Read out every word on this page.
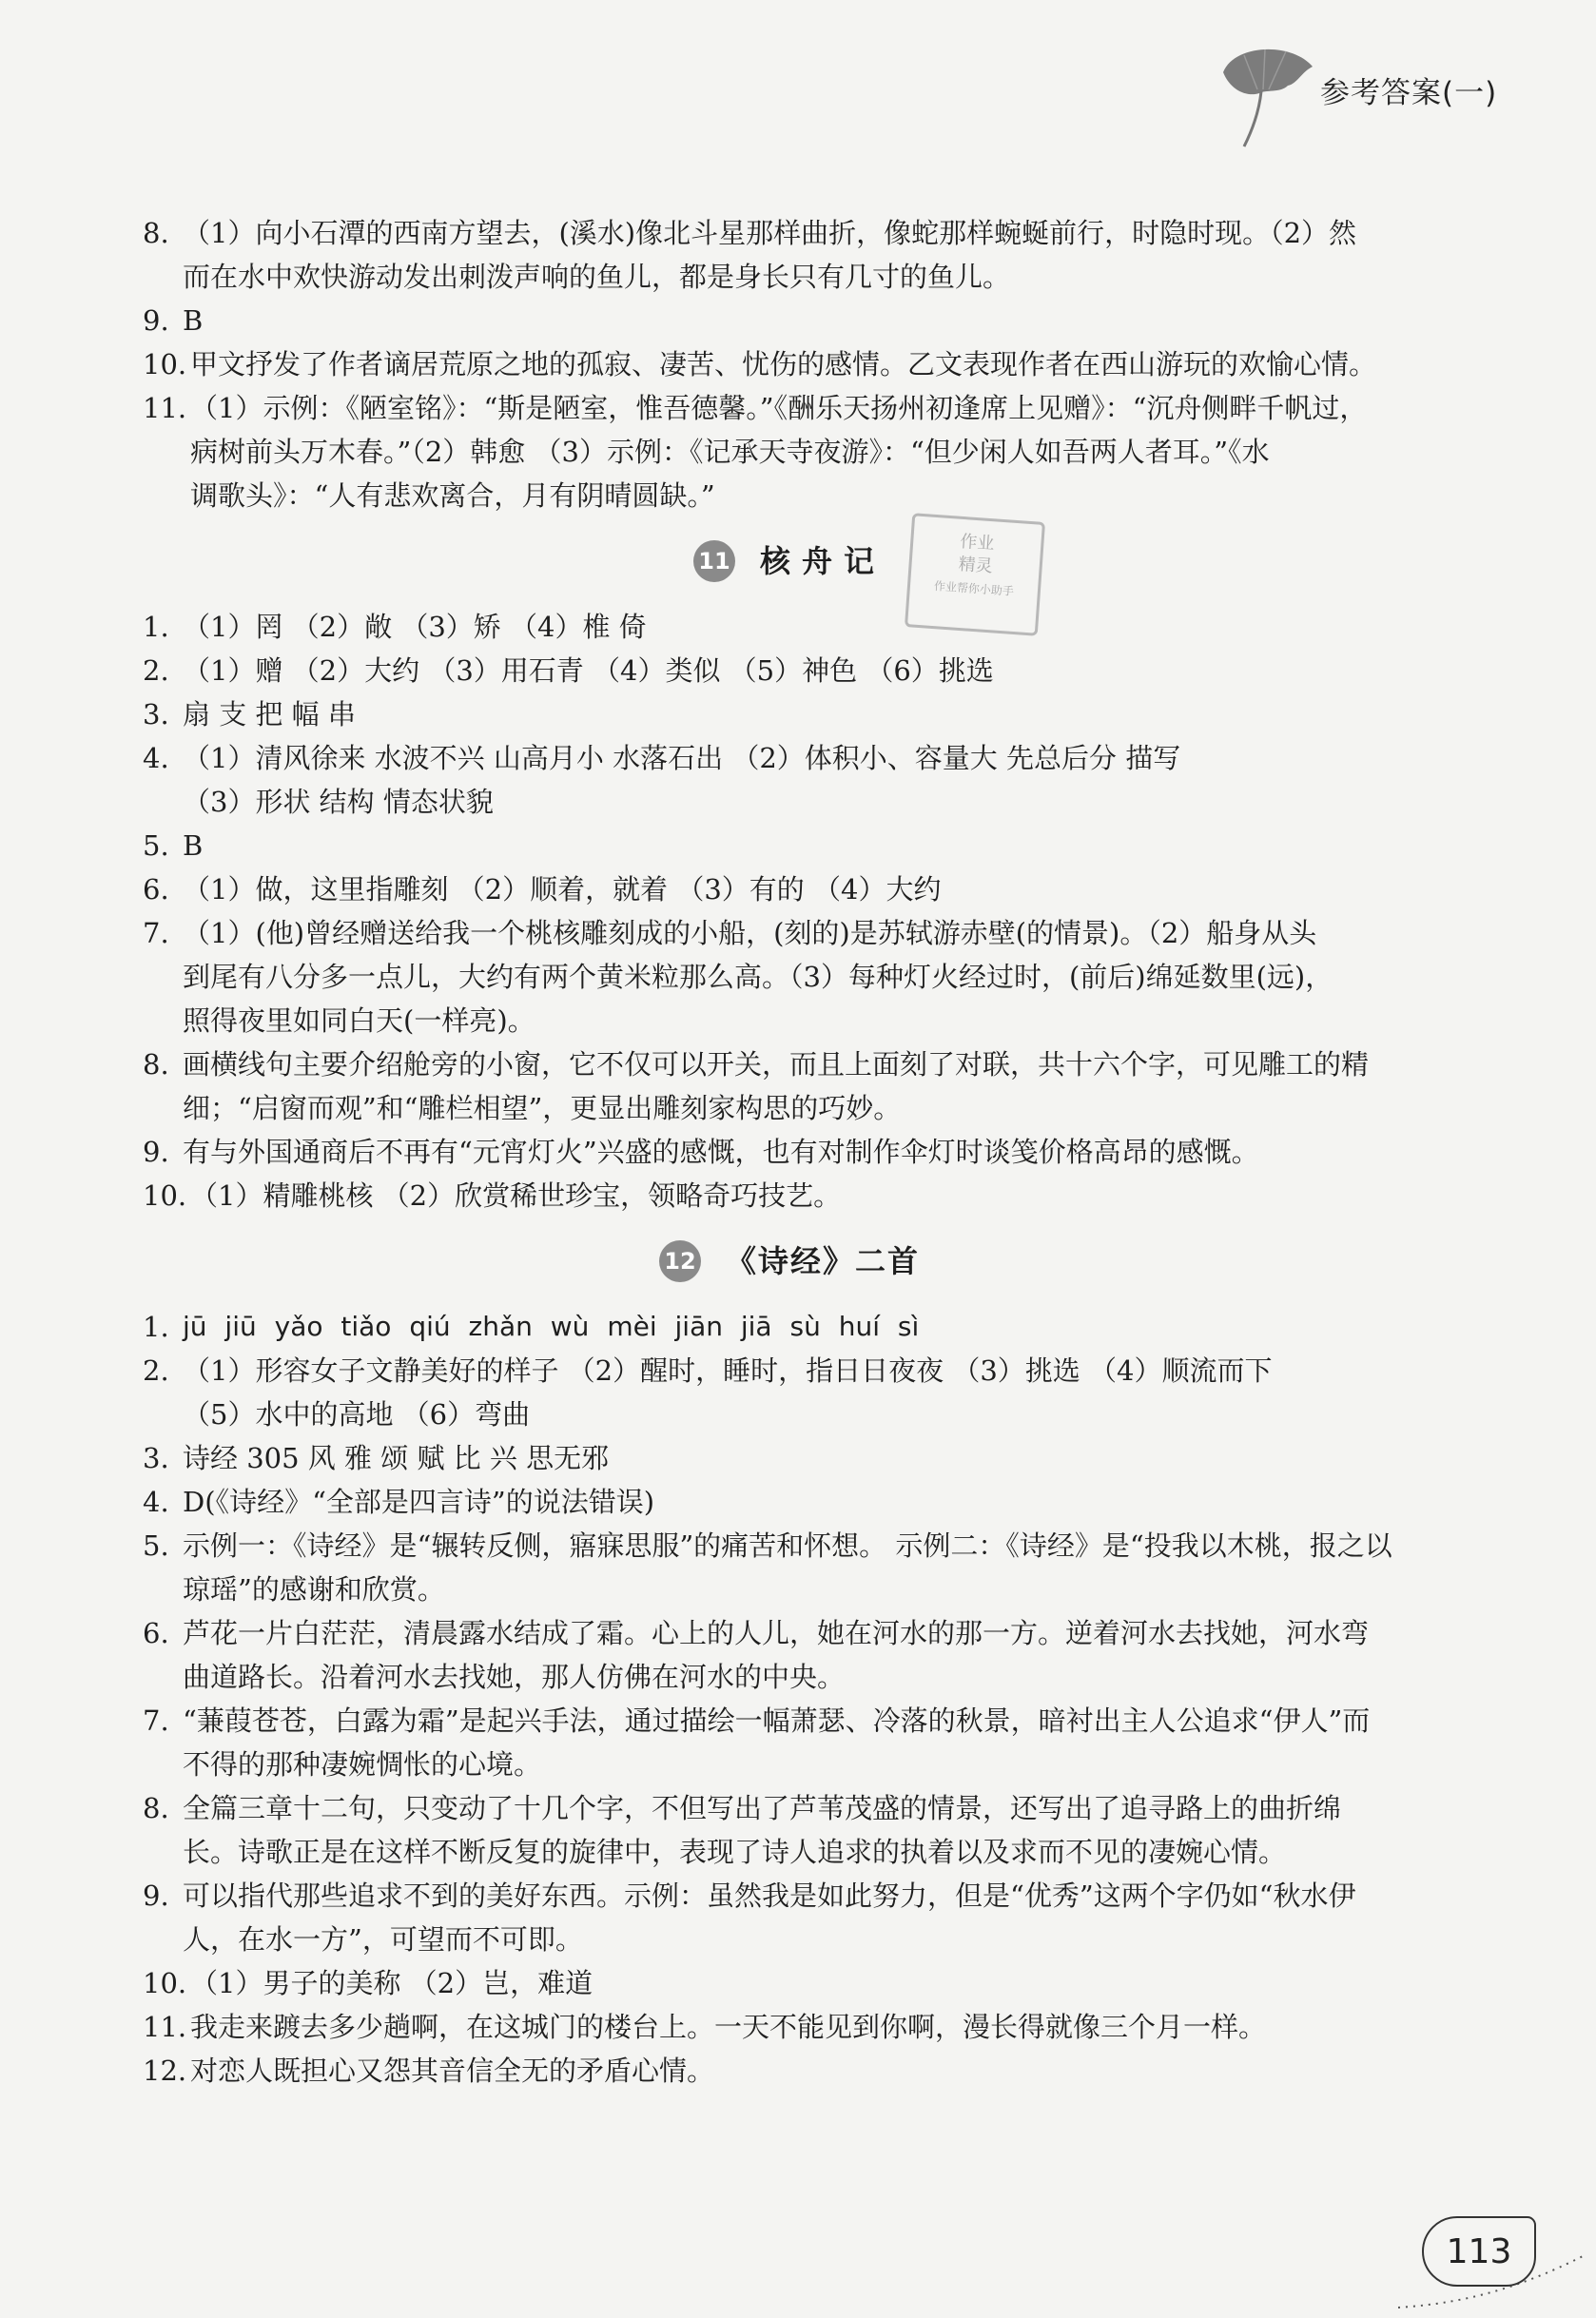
参考答案(一)
8. （1）向小石潭的西南方望去，(溪水)像北斗星那样曲折，像蛇那样蜿蜒前行，时隐时现。（2）然
而在水中欢快游动发出刺泼声响的鱼儿，都是身长只有几寸的鱼儿。
9. B
10. 甲文抒发了作者谪居荒原之地的孤寂、凄苦、忧伤的感情。乙文表现作者在西山游玩的欢愉心情。
11. （1）示例：《陋室铭》：“斯是陋室，惟吾德馨。”《酬乐天扬州初逢席上见赠》：“沉舟侧畔千帆过，
病树前头万木春。”（2）韩愈 （3）示例：《记承天寺夜游》：“但少闲人如吾两人者耳。”《水
调歌头》：“人有悲欢离合，月有阴晴圆缺。”
11 核舟记
1. （1）罔 （2）敞 （3）矫 （4）椎 倚
2. （1）赠 （2）大约 （3）用石青 （4）类似 （5）神色 （6）挑选
3. 扇 支 把 幅 串
4. （1）清风徐来 水波不兴 山高月小 水落石出 （2）体积小、容量大 先总后分 描写
（3）形状 结构 情态状貌
5. B
6. （1）做，这里指雕刻 （2）顺着，就着 （3）有的 （4）大约
7. （1）(他)曾经赠送给我一个桃核雕刻成的小船，(刻的)是苏轼游赤壁(的情景)。（2）船身从头
到尾有八分多一点儿，大约有两个黄米粒那么高。（3）每种灯火经过时，(前后)绵延数里(远)，
照得夜里如同白天(一样亮)。
8. 画横线句主要介绍舱旁的小窗，它不仅可以开关，而且上面刻了对联，共十六个字，可见雕工的精
细；“启窗而观”和“雕栏相望”，更显出雕刻家构思的巧妙。
9. 有与外国通商后不再有“元宵灯火”兴盛的感慨，也有对制作伞灯时谈笺价格高昂的感慨。
10. （1）精雕桃核 （2）欣赏稀世珍宝，领略奇巧技艺。
12 《诗经》二首
1. jū jiū yǎo tiǎo qiú zhǎn wù mèi jiān jiā sù huí sì
2. （1）形容女子文静美好的样子 （2）醒时，睡时，指日日夜夜 （3）挑选 （4）顺流而下
（5）水中的高地 （6）弯曲
3. 诗经 305 风 雅 颂 赋 比 兴 思无邪
4. D(《诗经》“全部是四言诗”的说法错误)
5. 示例一：《诗经》是“辗转反侧，寤寐思服”的痛苦和怀想。 示例二：《诗经》是“投我以木桃，报之以
琼瑶”的感谢和欣赏。
6. 芦花一片白茫茫，清晨露水结成了霜。心上的人儿，她在河水的那一方。逆着河水去找她，河水弯
曲道路长。沿着河水去找她，那人仿佛在河水的中央。
7. “蒹葭苍苍，白露为霜”是起兴手法，通过描绘一幅萧瑟、冷落的秋景，暗衬出主人公追求“伊人”而
不得的那种凄婉惆怅的心境。
8. 全篇三章十二句，只变动了十几个字，不但写出了芦苇茂盛的情景，还写出了追寻路上的曲折绵
长。诗歌正是在这样不断反复的旋律中，表现了诗人追求的执着以及求而不见的凄婉心情。
9. 可以指代那些追求不到的美好东西。示例：虽然我是如此努力，但是“优秀”这两个字仍如“秋水伊
人，在水一方”，可望而不可即。
10. （1）男子的美称 （2）岂，难道
11. 我走来踱去多少趟啊，在这城门的楼台上。一天不能见到你啊，漫长得就像三个月一样。
12. 对恋人既担心又怨其音信全无的矛盾心情。
作业
精灵
作业帮你小助手
113
